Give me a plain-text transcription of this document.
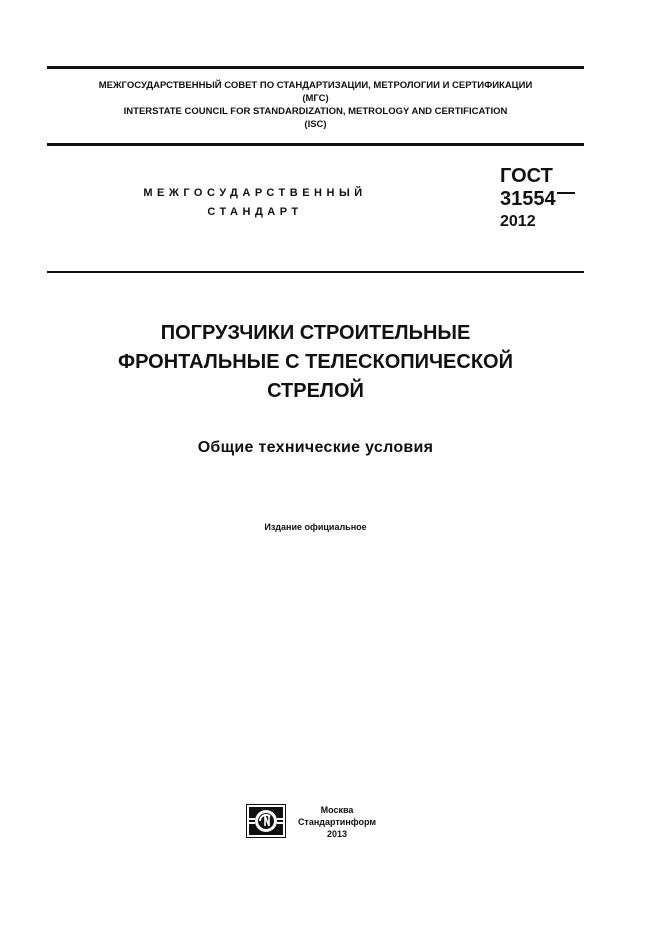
МЕЖГОСУДАРСТВЕННЫЙ СОВЕТ ПО СТАНДАРТИЗАЦИИ, МЕТРОЛОГИИ И СЕРТИФИКАЦИИ
(МГС)
INTERSTATE COUNCIL FOR STANDARDIZATION, METROLOGY AND CERTIFICATION
(ISC)
МЕЖГОСУДАРСТВЕННЫЙ
СТАНДАРТ
ГОСТ
31554
2012
ПОГРУЗЧИКИ СТРОИТЕЛЬНЫЕ
ФРОНТАЛЬНЫЕ С ТЕЛЕСКОПИЧЕСКОЙ
СТРЕЛОЙ
Общие технические условия
Издание официальное
Москва
Стандартинформ
2013
